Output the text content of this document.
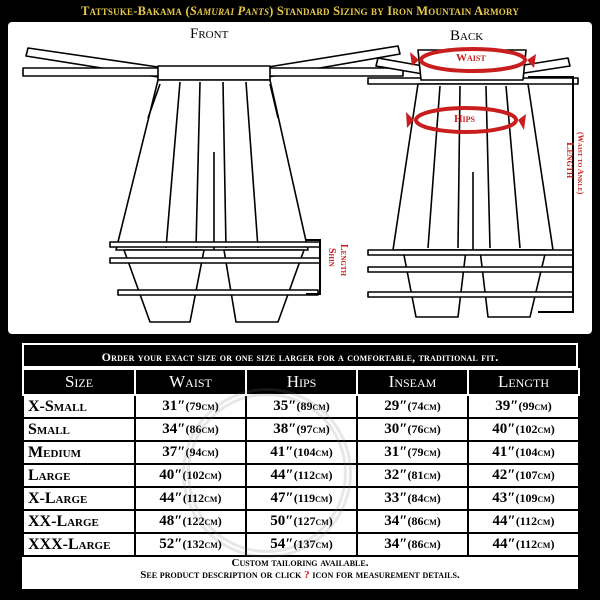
Tattsuke-Bakama (Samurai Pants) Standard Sizing by Iron Mountain Armory
Front	Back
Waist
Hips
Shin Length
Length (Waist to Ankle)
Order your exact size or one size larger for a comfortable, traditional fit.
Size	Waist	Hips	Inseam	Length
X-Small	31″(79cm)	35″(89cm)	29″(74cm)	39″(99cm)
Small	34″(86cm)	38″(97cm)	30″(76cm)	40″(102cm)
Medium	37″(94cm)	41″(104cm)	31″(79cm)	41″(104cm)
Large	40″(102cm)	44″(112cm)	32″(81cm)	42″(107cm)
X-Large	44″(112cm)	47″(119cm)	33″(84cm)	43″(109cm)
XX-Large	48″(122cm)	50″(127cm)	34″(86cm)	44″(112cm)
XXX-Large	52″(132cm)	54″(137cm)	34″(86cm)	44″(112cm)
Custom tailoring available.
See product description or click ? icon for measurement details.
